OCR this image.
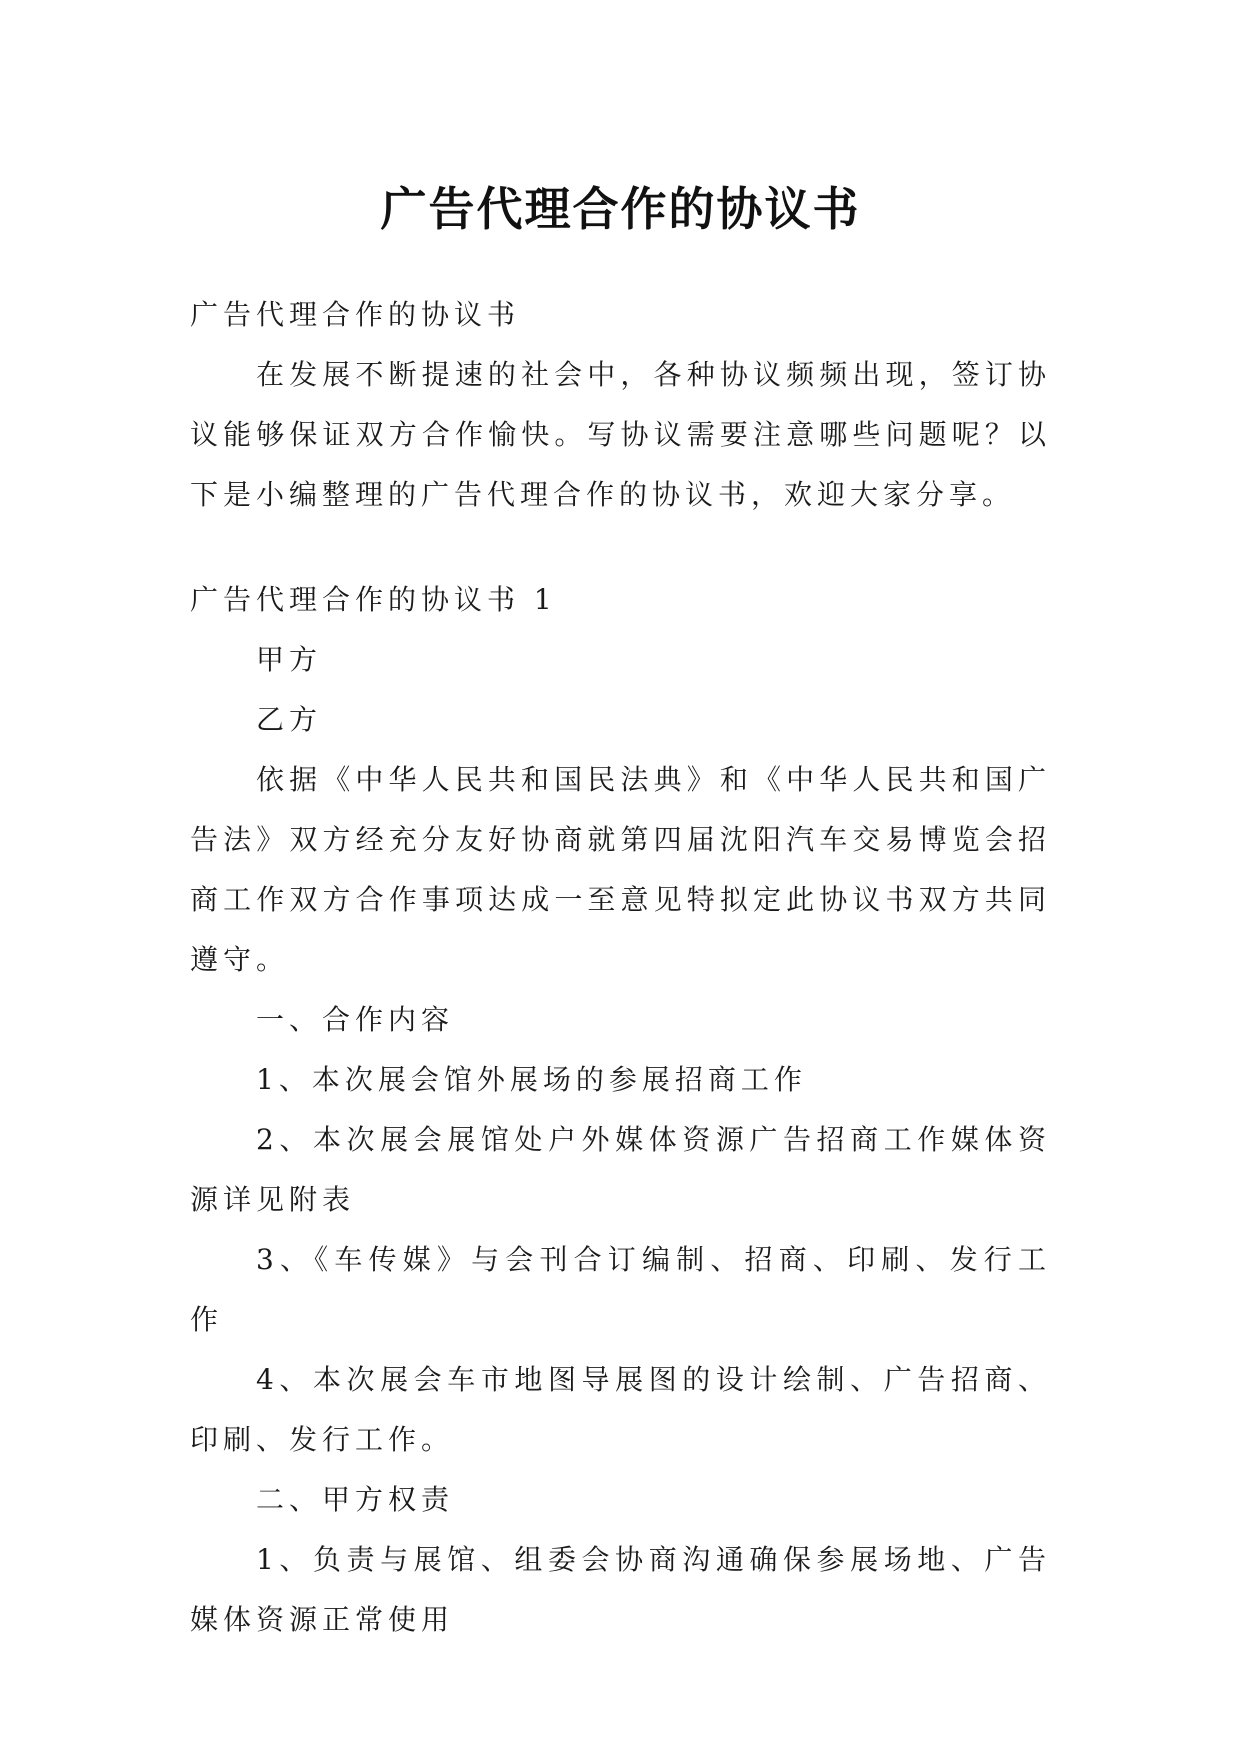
广告代理合作的协议书

广告代理合作的协议书

在发展不断提速的社会中，各种协议频频出现，签订协议能够保证双方合作愉快。写协议需要注意哪些问题呢？以下是小编整理的广告代理合作的协议书，欢迎大家分享。

广告代理合作的协议书 1

甲方

乙方

依据《中华人民共和国民法典》和《中华人民共和国广告法》双方经充分友好协商就第四届沈阳汽车交易博览会招商工作双方合作事项达成一至意见特拟定此协议书双方共同遵守。

一、合作内容

1、本次展会馆外展场的参展招商工作

2、本次展会展馆处户外媒体资源广告招商工作媒体资源详见附表

3、《车传媒》与会刊合订编制、招商、印刷、发行工作

4、本次展会车市地图导展图的设计绘制、广告招商、印刷、发行工作。

二、甲方权责

1、负责与展馆、组委会协商沟通确保参展场地、广告媒体资源正常使用
